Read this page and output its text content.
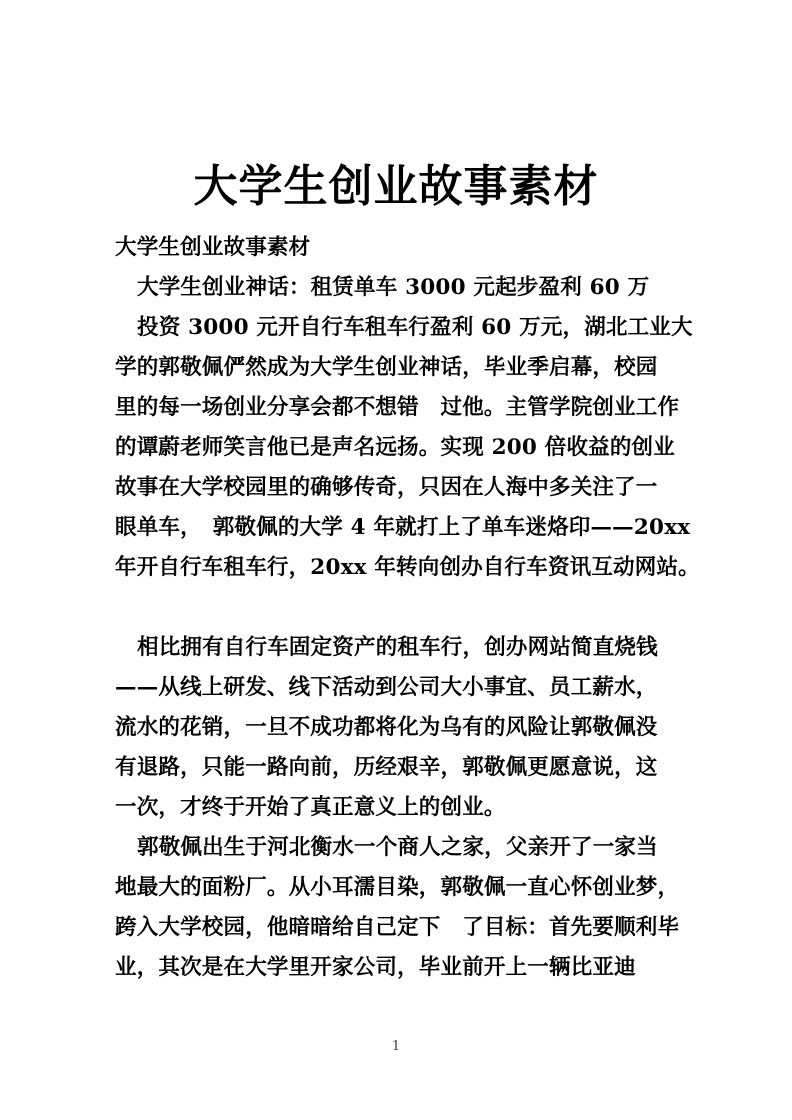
大学生创业故事素材
大学生创业故事素材
大学生创业神话：租赁单车 3000 元起步盈利 60 万
投资 3000 元开自行车租车行盈利 60 万元，湖北工业大
学的郭敬佩俨然成为大学生创业神话，毕业季启幕，校园
里的每一场创业分享会都不想错　过他。主管学院创业工作
的谭蔚老师笑言他已是声名远扬。实现 200 倍收益的创业
故事在大学校园里的确够传奇，只因在人海中多关注了一
眼单车，　郭敬佩的大学 4 年就打上了单车迷烙印——20xx
年开自行车租车行，20xx 年转向创办自行车资讯互动网站。
相比拥有自行车固定资产的租车行，创办网站简直烧钱
——从线上研发、线下活动到公司大小事宜、员工薪水，
流水的花销，一旦不成功都将化为乌有的风险让郭敬佩没
有退路，只能一路向前，历经艰辛，郭敬佩更愿意说，这
一次，才终于开始了真正意义上的创业。
郭敬佩出生于河北衡水一个商人之家，父亲开了一家当
地最大的面粉厂。从小耳濡目染，郭敬佩一直心怀创业梦，
跨入大学校园，他暗暗给自己定下　了目标：首先要顺利毕
业，其次是在大学里开家公司，毕业前开上一辆比亚迪
1
